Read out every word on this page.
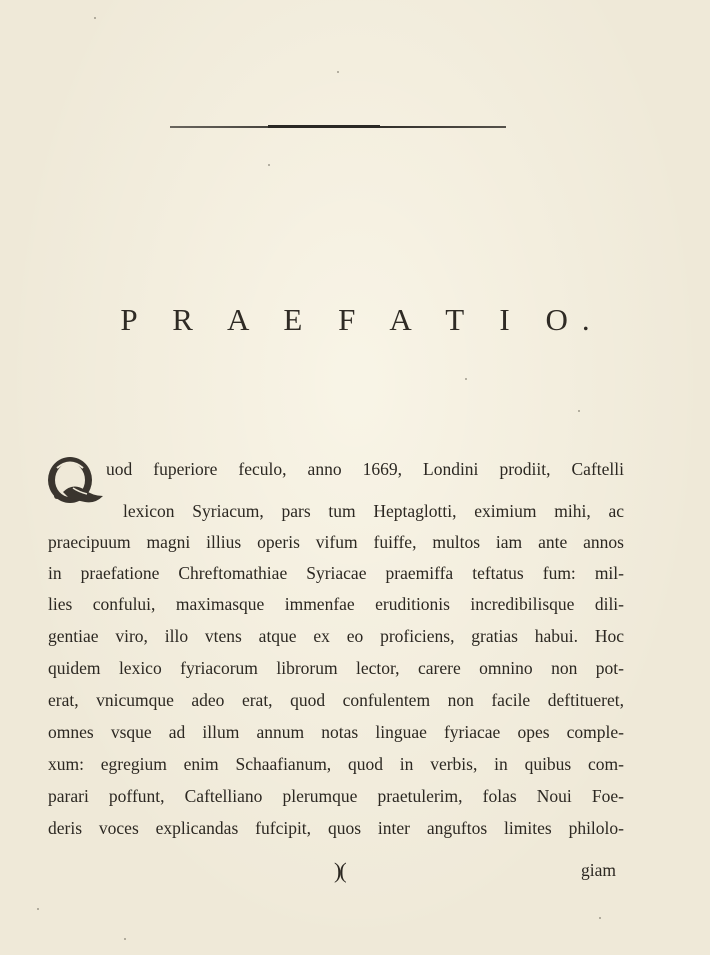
P R A E F A T I O.
uod fuperiore feculo, anno 1669, Londini prodiit, Caftelli
lexicon Syriacum, pars tum Heptaglotti, eximium mihi, ac
praecipuum magni illius operis vifum fuiffe, multos iam ante annos
in praefatione Chreftomathiae Syriacae praemiffa teftatus fum: mil-
lies confului, maximasque immenfae eruditionis incredibilisque dili-
gentiae viro, illo vtens atque ex eo proficiens, gratias habui. Hoc
quidem lexico fyriacorum librorum lector, carere omnino non pot-
erat, vnicumque adeo erat, quod confulentem non facile deftitueret,
omnes vsque ad illum annum notas linguae fyriacae opes comple-
xum: egregium enim Schaafianum, quod in verbis, in quibus com-
parari poffunt, Caftelliano plerumque praetulerim, folas Noui Foe-
deris voces explicandas fufcipit, quos inter anguftos limites philolo-
)(	giam
